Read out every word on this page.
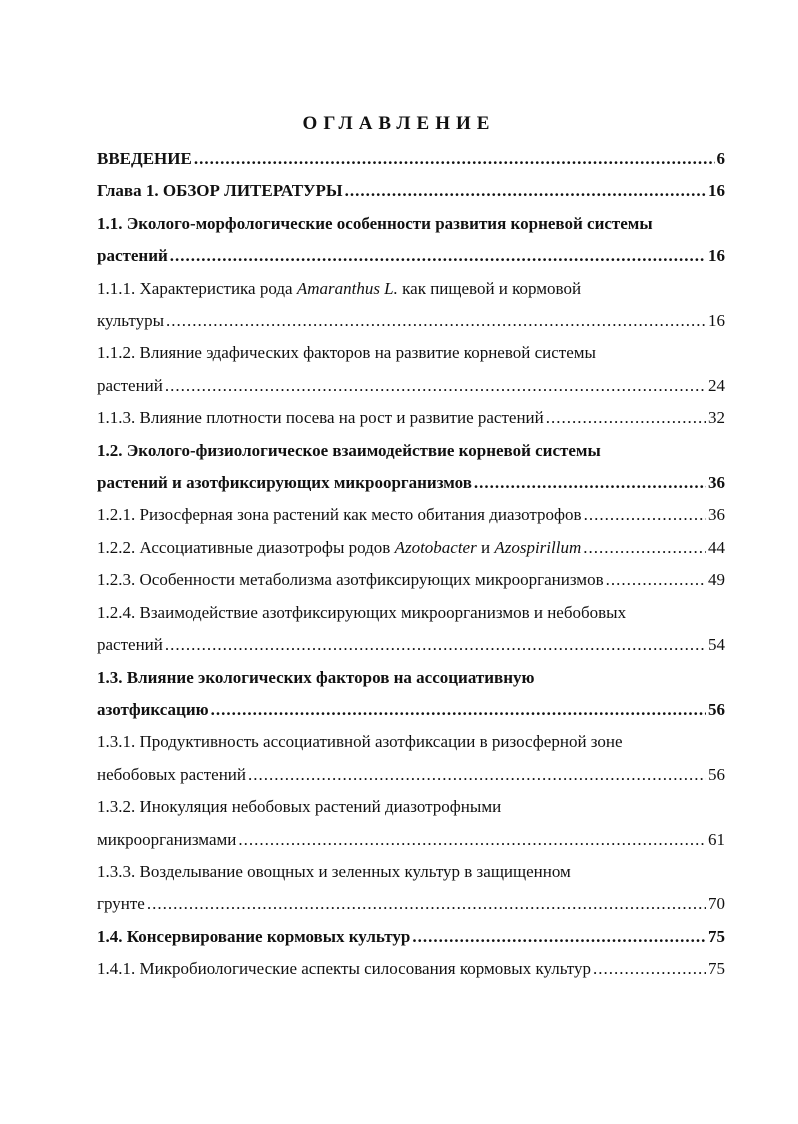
ОГЛАВЛЕНИЕ
ВВЕДЕНИЕ .....	6
Глава 1. ОБЗОР ЛИТЕРАТУРЫ .....	16
1.1. Эколого-морфологические особенности развития корневой системы
растений .....	16
1.1.1. Характеристика рода Amaranthus L. как пищевой и кормовой
культуры .....	16
1.1.2. Влияние эдафических факторов на развитие корневой системы
растений .....	24
1.1.3. Влияние плотности посева на рост и развитие растений .....	32
1.2. Эколого-физиологическое взаимодействие корневой системы
растений и азотфиксирующих микроорганизмов .....	36
1.2.1. Ризосферная зона растений как место обитания диазотрофов .....	36
1.2.2. Ассоциативные диазотрофы родов Azotobacter и Azospirillum .....	44
1.2.3. Особенности метаболизма азотфиксирующих микроорганизмов .....	49
1.2.4. Взаимодействие азотфиксирующих микроорганизмов и небобовых
растений .....	54
1.3. Влияние экологических факторов на ассоциативную
азотфиксацию .....	56
1.3.1. Продуктивность ассоциативной азотфиксации в ризосферной зоне
небобовых растений .....	56
1.3.2. Инокуляция небобовых растений диазотрофными
микроорганизмами .....	61
1.3.3. Возделывание овощных и зеленных культур в защищенном
грунте .....	70
1.4. Консервирование кормовых культур .....	75
1.4.1. Микробиологические аспекты силосования кормовых культур .....	75
